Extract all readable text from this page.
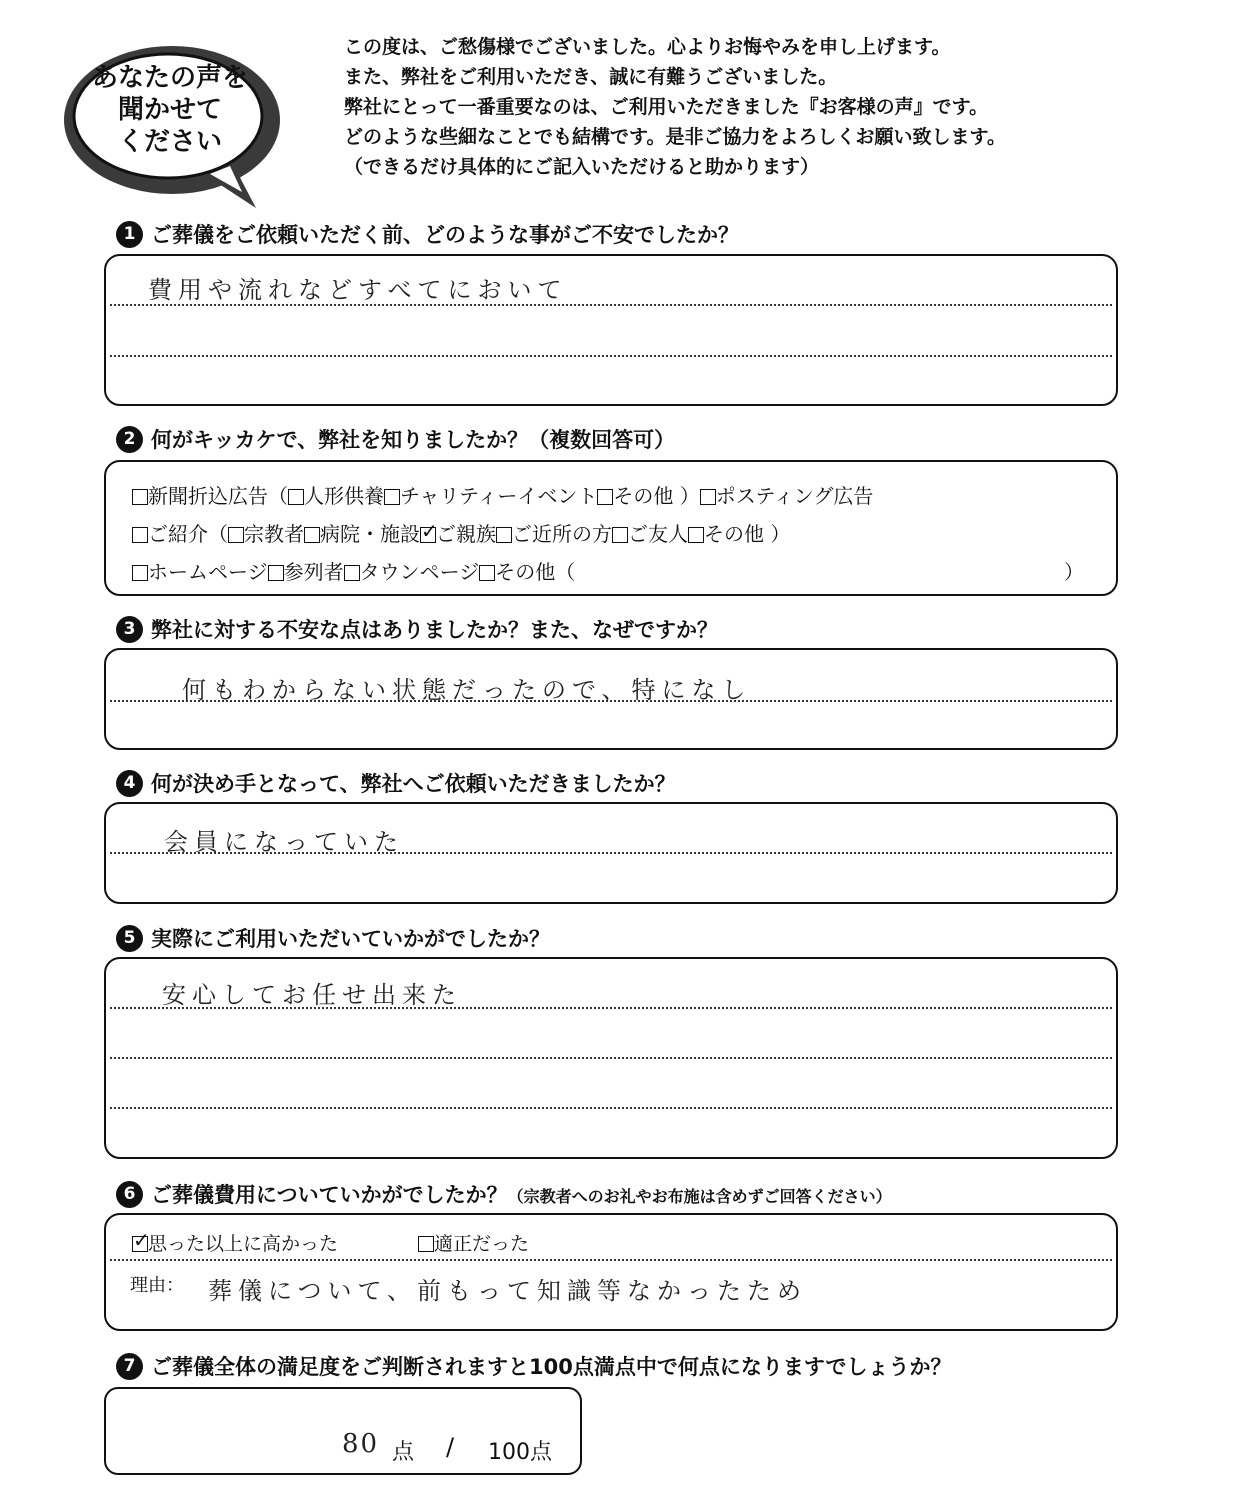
あなたの声を
聞かせて
ください
この度は、ご愁傷様でございました。心よりお悔やみを申し上げます。
また、弊社をご利用いただき、誠に有難うございました。
弊社にとって一番重要なのは、ご利用いただきました『お客様の声』です。
どのような些細なことでも結構です。是非ご協力をよろしくお願い致します。
（できるだけ具体的にご記入いただけると助かります）
1 ご葬儀をご依頼いただく前、どのような事がご不安でしたか？
費用や流れなどすべてにおいて
2 何がキッカケで、弊社を知りましたか？（複数回答可）
新聞折込広告（ 人形供養 チャリティーイベント その他 ） ポスティング広告
ご紹介（ 宗教者 病院・施設✓ ご親族 ご近所の方 ご友人 その他 ）
ホームページ 参列者 タウンページ その他（	）
3 弊社に対する不安な点はありましたか？また、なぜですか？
何もわからない状態だったので、特になし
4 何が決め手となって、弊社へご依頼いただきましたか？
会員になっていた
5 実際にご利用いただいていかがでしたか？
安心してお任せ出来た
6 ご葬儀費用についていかがでしたか？（宗教者へのお礼やお布施は含めずご回答ください）
✓思った以上に高かった	適正だった
理由： 葬儀について、前もって知識等なかったため
7 ご葬儀全体の満足度をご判断されますと100点満点中で何点になりますでしょうか？
80 点 / 100点
